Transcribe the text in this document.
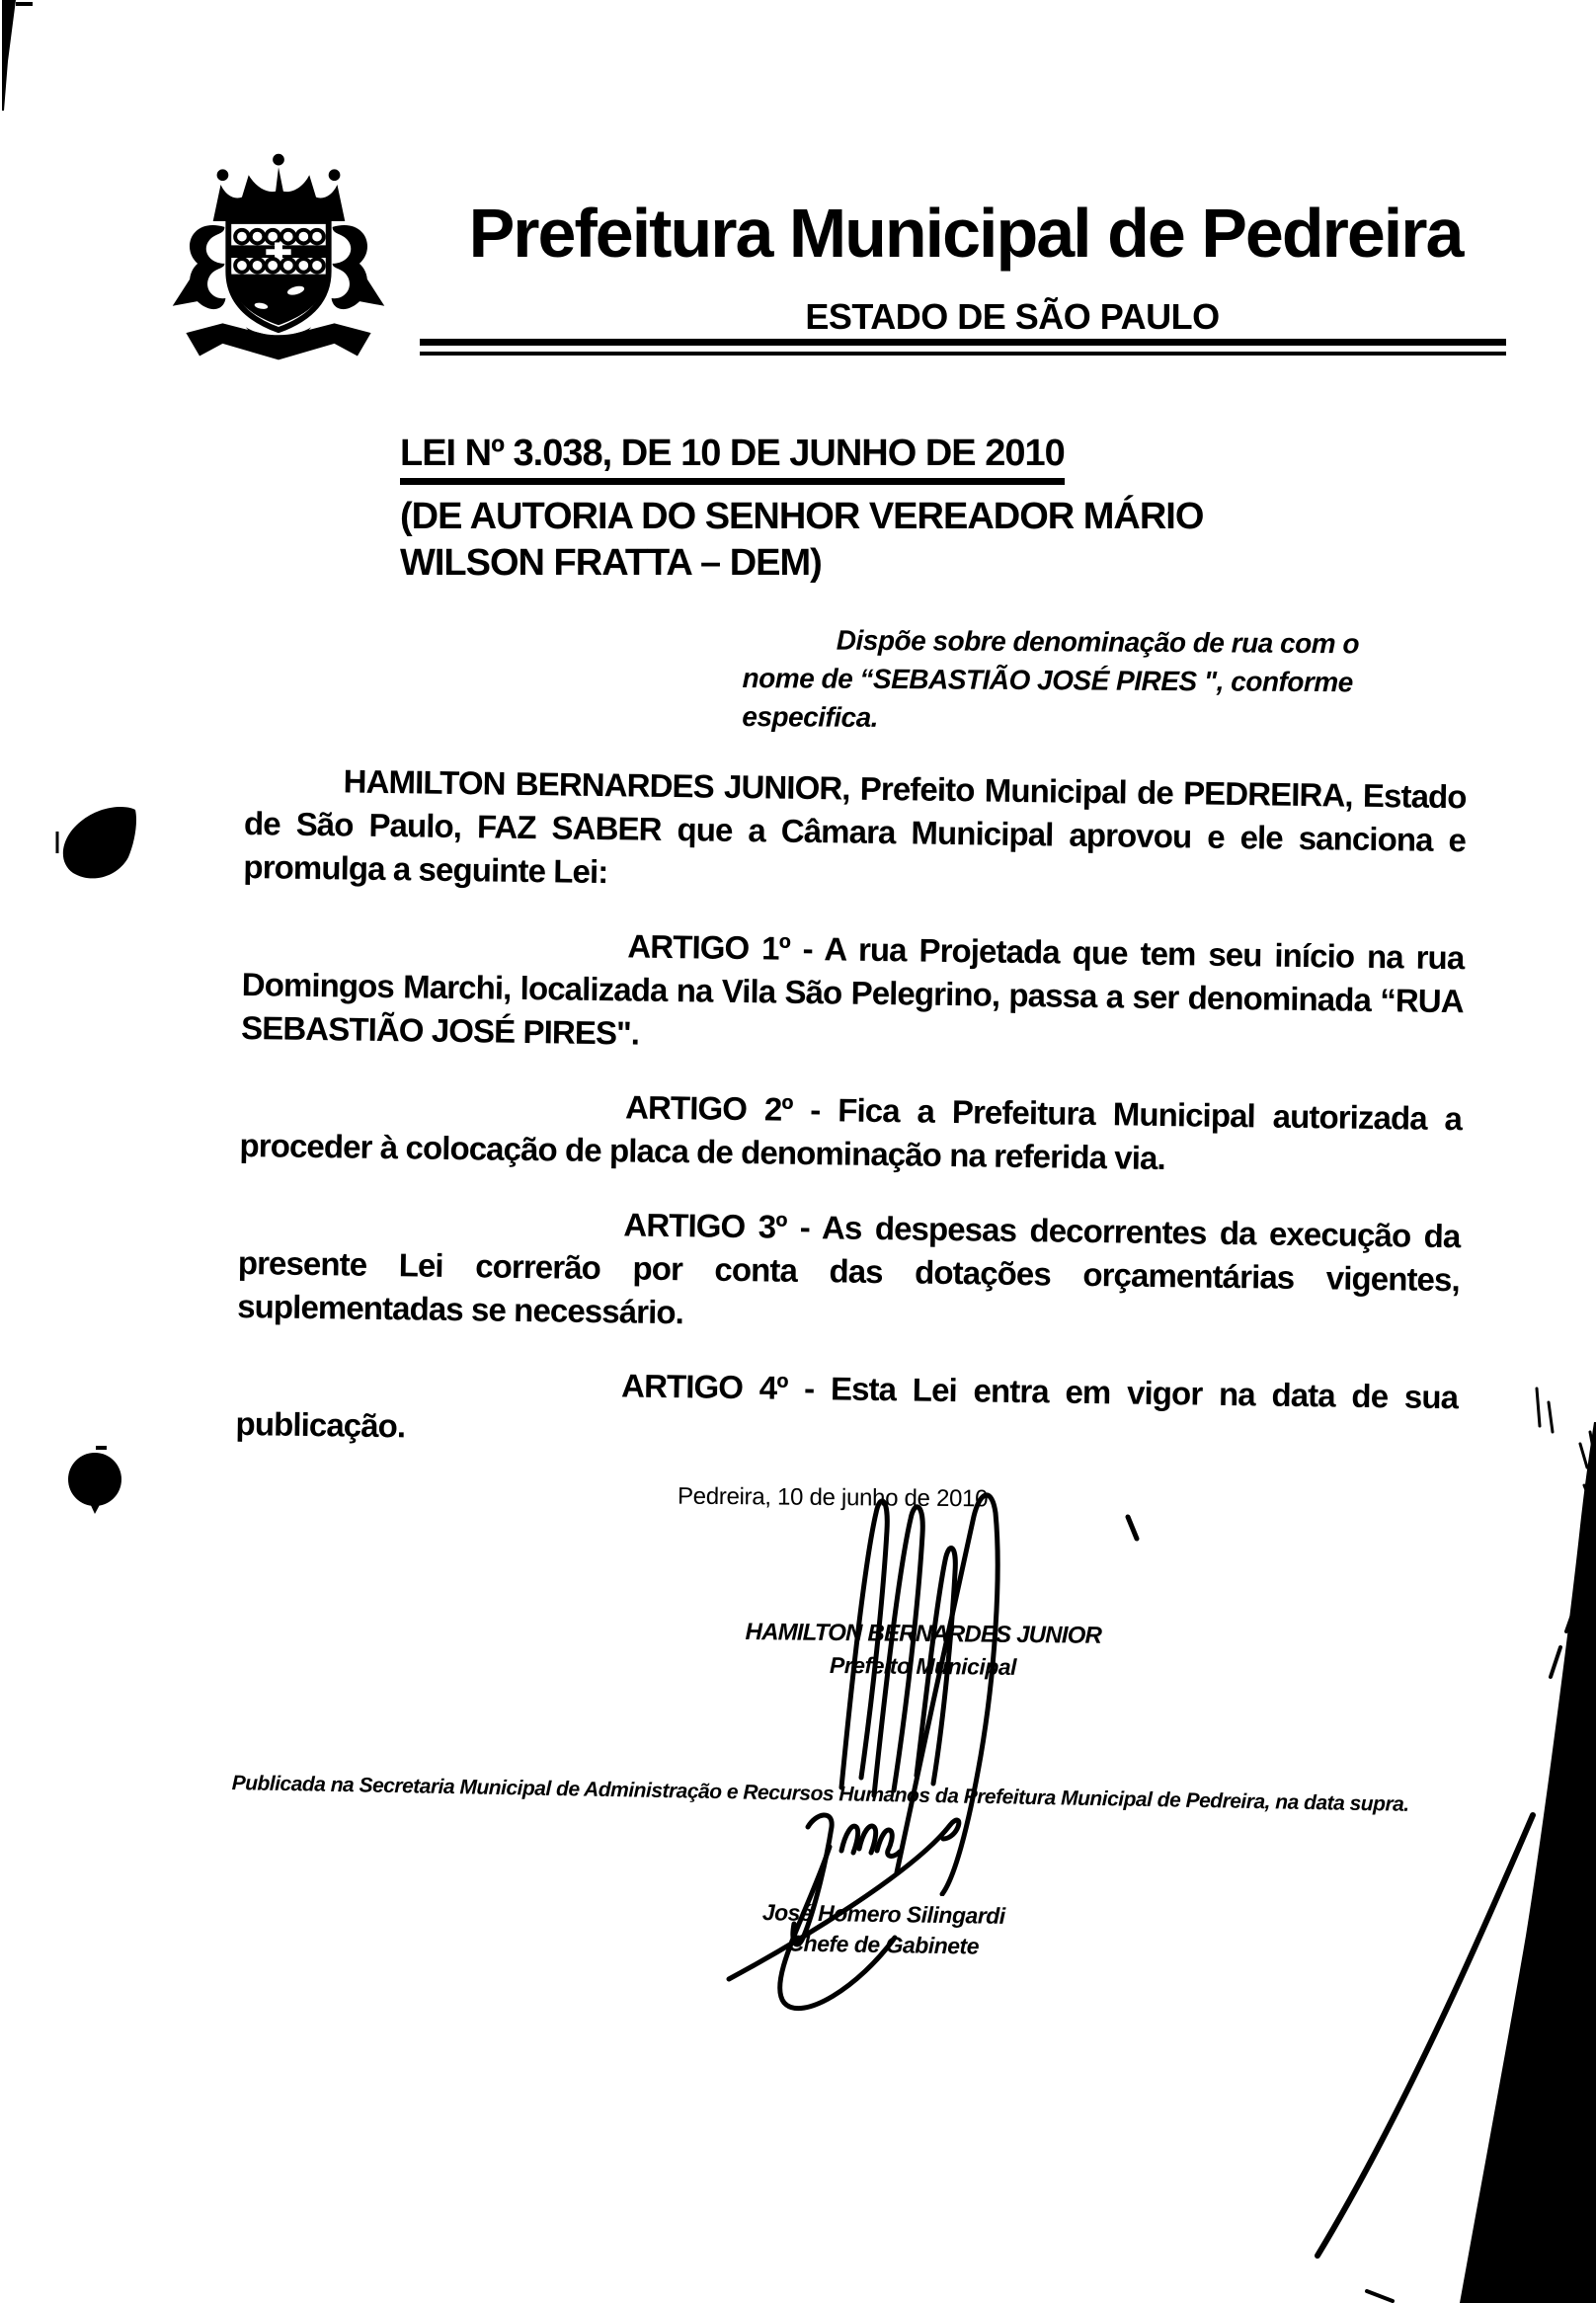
Prefeitura Municipal de Pedreira
ESTADO DE SÃO PAULO
LEI Nº 3.038, DE 10 DE JUNHO DE 2010
(DE AUTORIA DO SENHOR VEREADOR MÁRIO WILSON FRATTA – DEM)
Dispõe sobre denominação de rua com o nome de “SEBASTIÃO JOSÉ PIRES ", conforme especifica.

HAMILTON BERNARDES JUNIOR, Prefeito Municipal de PEDREIRA, Estado de São Paulo, FAZ SABER que a Câmara Municipal aprovou e ele sanciona e promulga a seguinte Lei:

ARTIGO 1º - A rua Projetada que tem seu início na rua Domingos Marchi, localizada na Vila São Pelegrino, passa a ser denominada “RUA SEBASTIÃO JOSÉ PIRES".

ARTIGO 2º - Fica a Prefeitura Municipal autorizada a proceder à colocação de placa de denominação na referida via.

ARTIGO 3º - As despesas decorrentes da execução da presente Lei correrão por conta das dotações orçamentárias vigentes, suplementadas se necessário.

ARTIGO 4º - Esta Lei entra em vigor na data de sua publicação.

Pedreira, 10 de junho de 2010
HAMILTON BERNARDES JUNIOR
Prefeito Municipal
Publicada na Secretaria Municipal de Administração e Recursos Humanos da Prefeitura Municipal de Pedreira, na data supra.
José Homero Silingardi
Chefe de Gabinete
